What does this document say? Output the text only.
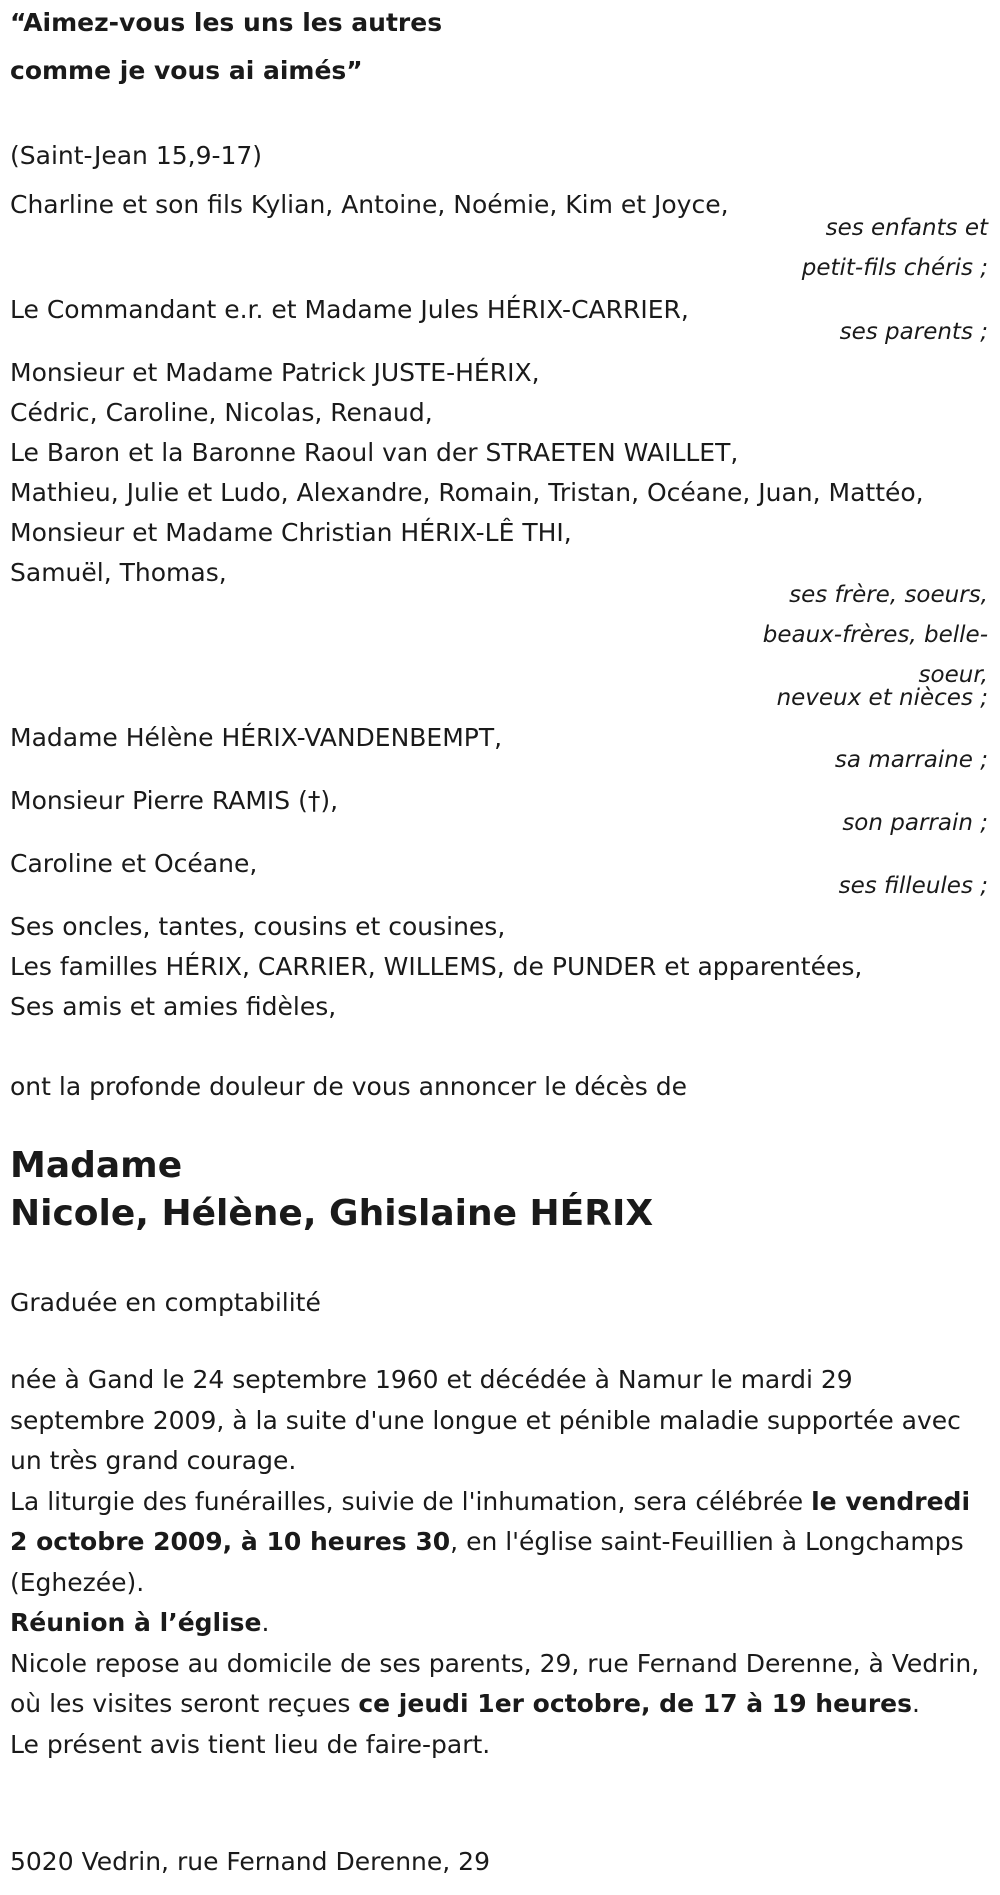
“Aimez-vous les uns les autres
comme je vous ai aimés”
(Saint-Jean 15,9-17)
Charline et son fils Kylian, Antoine, Noémie, Kim et Joyce,
ses enfants et
petit-fils chéris ;
Le Commandant e.r. et Madame Jules HÉRIX-CARRIER,
ses parents ;
Monsieur et Madame Patrick JUSTE-HÉRIX,
Cédric, Caroline, Nicolas, Renaud,
Le Baron et la Baronne Raoul van der STRAETEN WAILLET,
Mathieu, Julie et Ludo, Alexandre, Romain, Tristan, Océane, Juan, Mattéo,
Monsieur et Madame Christian HÉRIX-LÊ THI,
Samuël, Thomas,
ses frère, soeurs,
beaux-frères, belle-
soeur,
neveux et nièces ;
Madame Hélène HÉRIX-VANDENBEMPT,
sa marraine ;
Monsieur Pierre RAMIS (†),
son parrain ;
Caroline et Océane,
ses filleules ;
Ses oncles, tantes, cousins et cousines,
Les familles HÉRIX, CARRIER, WILLEMS, de PUNDER et apparentées,
Ses amis et amies fidèles,
ont la profonde douleur de vous annoncer le décès de
Madame
Nicole, Hélène, Ghislaine HÉRIX
Graduée en comptabilité
née à Gand le 24 septembre 1960 et décédée à Namur le mardi 29 septembre 2009, à la suite d'une longue et pénible maladie supportée avec un très grand courage.
La liturgie des funérailles, suivie de l'inhumation, sera célébrée le vendredi 2 octobre 2009, à 10 heures 30, en l'église saint-Feuillien à Longchamps (Eghezée).
Réunion à l’église.
Nicole repose au domicile de ses parents, 29, rue Fernand Derenne, à Vedrin, où les visites seront reçues ce jeudi 1er octobre, de 17 à 19 heures.
Le présent avis tient lieu de faire-part.
5020 Vedrin, rue Fernand Derenne, 29
